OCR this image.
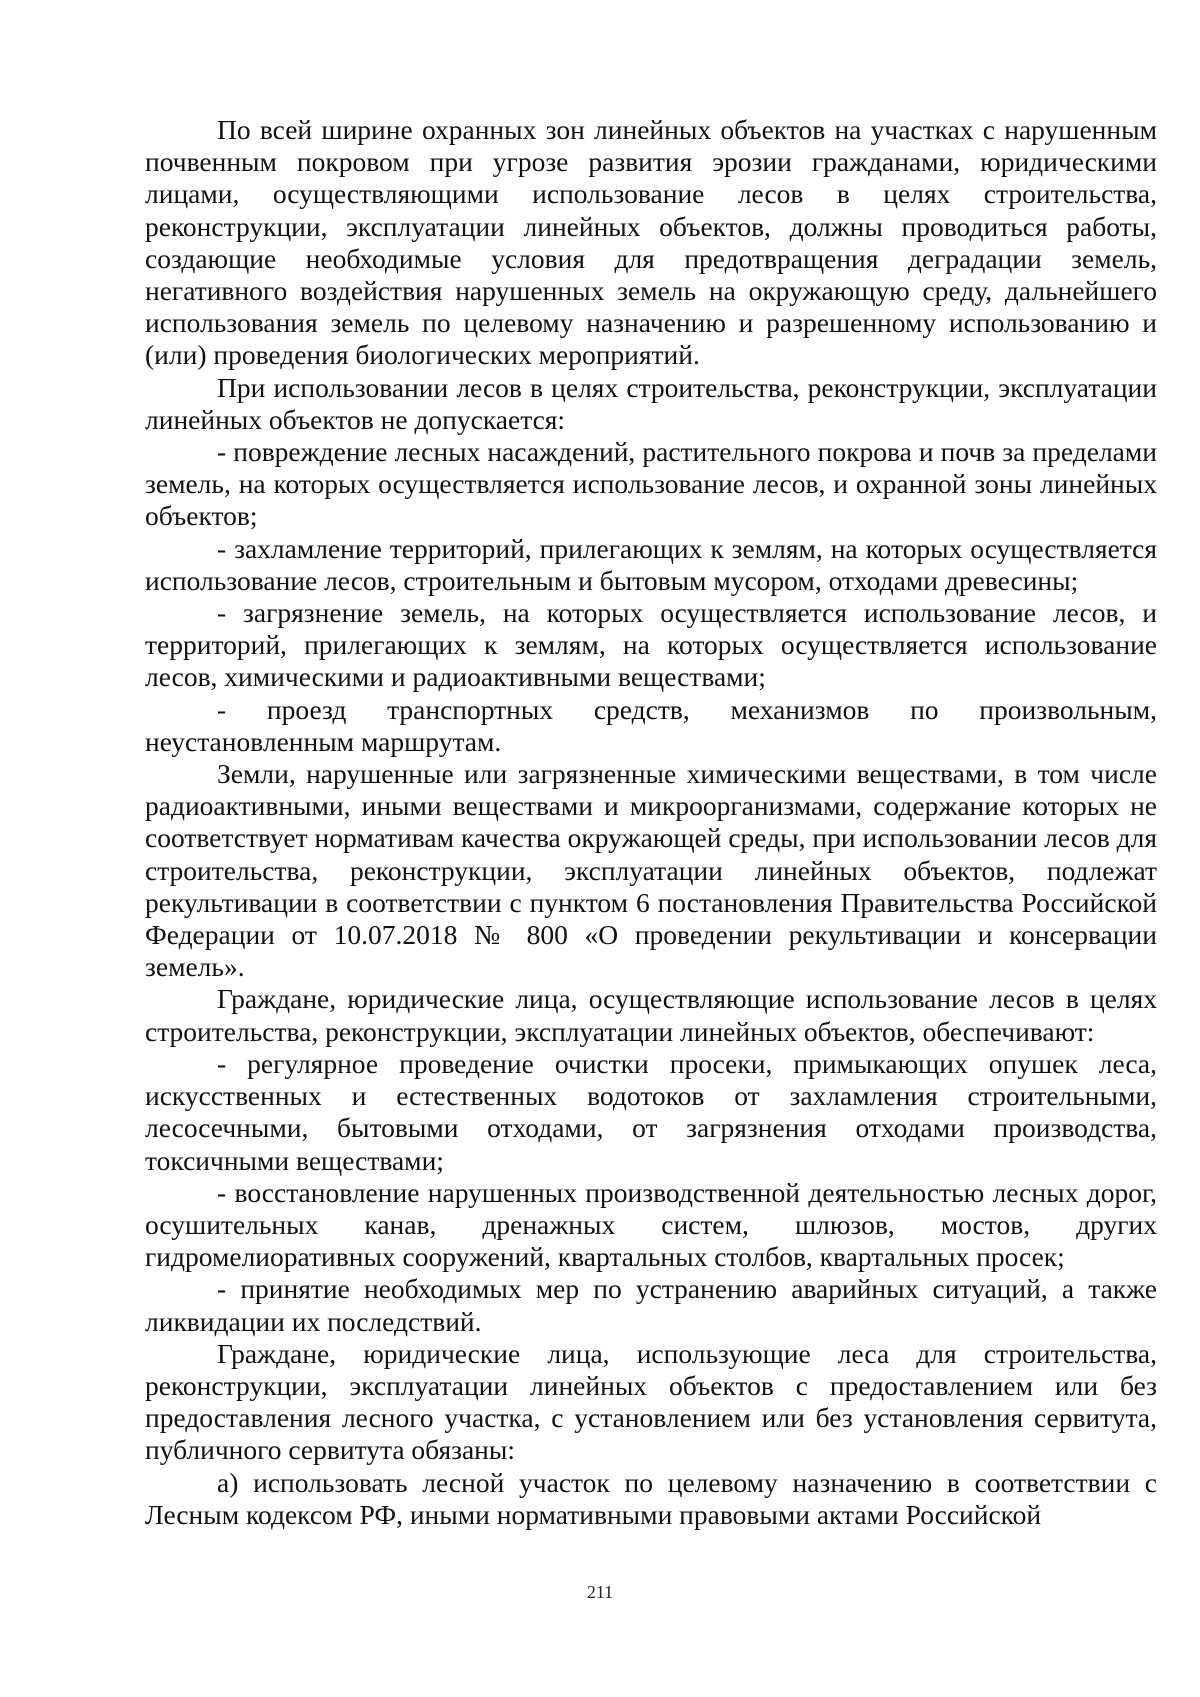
По всей ширине охранных зон линейных объектов на участках с нарушенным почвенным покровом при угрозе развития эрозии гражданами, юридическими лицами, осуществляющими использование лесов в целях строительства, реконструкции, эксплуатации линейных объектов, должны проводиться работы, создающие необходимые условия для предотвращения деградации земель, негативного воздействия нарушенных земель на окружающую среду, дальнейшего использования земель по целевому назначению и разрешенному использованию и (или) проведения биологических мероприятий.

При использовании лесов в целях строительства, реконструкции, эксплуатации линейных объектов не допускается:

- повреждение лесных насаждений, растительного покрова и почв за пределами земель, на которых осуществляется использование лесов, и охранной зоны линейных объектов;

- захламление территорий, прилегающих к землям, на которых осуществляется использование лесов, строительным и бытовым мусором, отходами древесины;

- загрязнение земель, на которых осуществляется использование лесов, и территорий, прилегающих к землям, на которых осуществляется использование лесов, химическими и радиоактивными веществами;

- проезд транспортных средств, механизмов по произвольным, неустановленным маршрутам.

Земли, нарушенные или загрязненные химическими веществами, в том числе радиоактивными, иными веществами и микроорганизмами, содержание которых не соответствует нормативам качества окружающей среды, при использовании лесов для строительства, реконструкции, эксплуатации линейных объектов, подлежат рекультивации в соответствии с пунктом 6 постановления Правительства Российской Федерации от 10.07.2018 № 800 «О проведении рекультивации и консервации земель».

Граждане, юридические лица, осуществляющие использование лесов в целях строительства, реконструкции, эксплуатации линейных объектов, обеспечивают:

- регулярное проведение очистки просеки, примыкающих опушек леса, искусственных и естественных водотоков от захламления строительными, лесосечными, бытовыми отходами, от загрязнения отходами производства, токсичными веществами;

- восстановление нарушенных производственной деятельностью лесных дорог, осушительных канав, дренажных систем, шлюзов, мостов, других гидромелиоративных сооружений, квартальных столбов, квартальных просек;

- принятие необходимых мер по устранению аварийных ситуаций, а также ликвидации их последствий.

Граждане, юридические лица, использующие леса для строительства, реконструкции, эксплуатации линейных объектов с предоставлением или без предоставления лесного участка, с установлением или без установления сервитута, публичного сервитута обязаны:

а) использовать лесной участок по целевому назначению в соответствии с Лесным кодексом РФ, иными нормативными правовыми актами Российской

211
